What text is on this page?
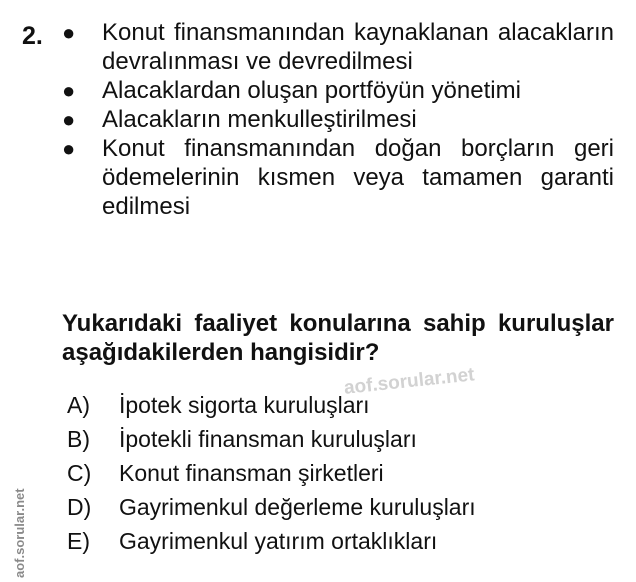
2. ●	Konut finansmanından kaynaklanan alacakların devralınması ve devredilmesi
●	Alacaklardan oluşan portföyün yönetimi
●	Alacakların menkulleştirilmesi
●	Konut finansmanından doğan borçların geri ödemelerinin kısmen veya tamamen garanti edilmesi
Yukarıdaki faaliyet konularına sahip kuruluşlar aşağıdakilerden hangisidir?
A)	İpotek sigorta kuruluşları
B)	İpotekli finansman kuruluşları
C)	Konut finansman şirketleri
D)	Gayrimenkul değerleme kuruluşları
E)	Gayrimenkul yatırım ortaklıkları
aof.sorular.net
aof.sorular.net
